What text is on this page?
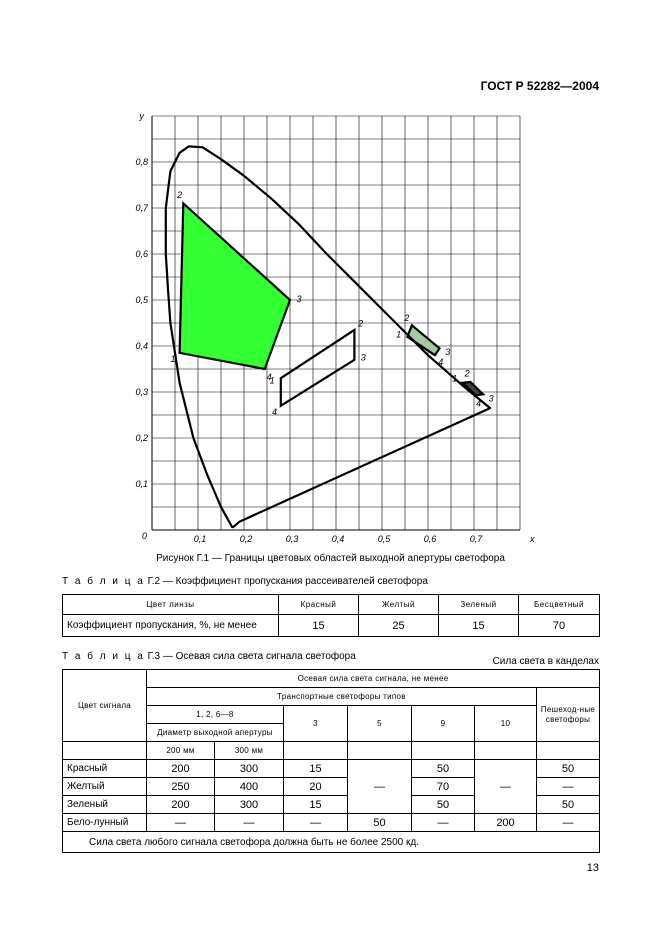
ГОСТ Р 52282—2004
0,1	0,2	0,3	0,4	0,5	0,6	0,7
0,1
0,2
0,3
0,4
0,5
0,6
0,7
0,8
0	x
y
1
2
3
4
1
2
3
4
1
2
3
4
1 2
3
4
Рисунок Г.1 — Границы цветовых областей выходной апертуры светофора
Т а б л и ц а Г.2 — Коэффициент пропускания рассеивателей светофора
Цвет линзы	Красный	Желтый	Зеленый	Бесцветный
Коэффициент пропускания, %, не менее	15	25	15	70
Т а б л и ц а Г.3 — Осевая сила света сигнала светофора	Сила света в канделах
Цвет сигнала	Осевая сила света сигнала, не менее						
	Транспортные светофоры типов						Пешеход-ные светофоры
	1, 2, 6—8		3	5	9	10	
	Диаметр выходной апертуры						
	200 мм	300 мм					
Красный	200	300	15	—	50	—	50
Желтый	250	400	20		70		—
Зеленый	200	300	15		50		50
Бело-лунный	—	—	—	50	—	200	—
Сила света любого сигнала светофора должна быть не более 2500 кд.							
13
